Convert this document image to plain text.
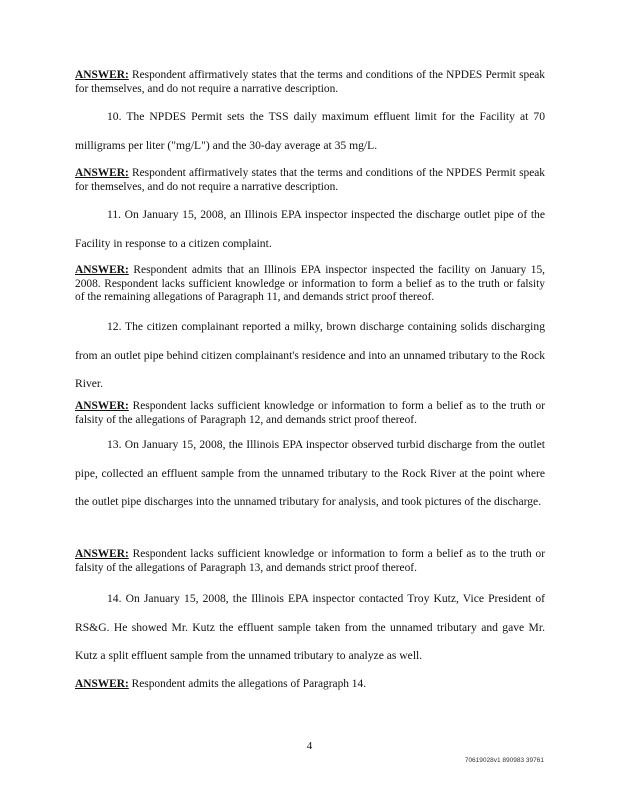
ANSWER: Respondent affirmatively states that the terms and conditions of the NPDES Permit speak for themselves, and do not require a narrative description.

10. The NPDES Permit sets the TSS daily maximum effluent limit for the Facility at 70 milligrams per liter ("mg/L") and the 30-day average at 35 mg/L.

ANSWER: Respondent affirmatively states that the terms and conditions of the NPDES Permit speak for themselves, and do not require a narrative description.

11. On January 15, 2008, an Illinois EPA inspector inspected the discharge outlet pipe of the Facility in response to a citizen complaint.

ANSWER: Respondent admits that an Illinois EPA inspector inspected the facility on January 15, 2008. Respondent lacks sufficient knowledge or information to form a belief as to the truth or falsity of the remaining allegations of Paragraph 11, and demands strict proof thereof.

12. The citizen complainant reported a milky, brown discharge containing solids discharging from an outlet pipe behind citizen complainant's residence and into an unnamed tributary to the Rock River.

ANSWER: Respondent lacks sufficient knowledge or information to form a belief as to the truth or falsity of the allegations of Paragraph 12, and demands strict proof thereof.

13. On January 15, 2008, the Illinois EPA inspector observed turbid discharge from the outlet pipe, collected an effluent sample from the unnamed tributary to the Rock River at the point where the outlet pipe discharges into the unnamed tributary for analysis, and took pictures of the discharge.

ANSWER: Respondent lacks sufficient knowledge or information to form a belief as to the truth or falsity of the allegations of Paragraph 13, and demands strict proof thereof.

14. On January 15, 2008, the Illinois EPA inspector contacted Troy Kutz, Vice President of RS&G. He showed Mr. Kutz the effluent sample taken from the unnamed tributary and gave Mr. Kutz a split effluent sample from the unnamed tributary to analyze as well.

ANSWER: Respondent admits the allegations of Paragraph 14.

4
70619028v1 890983 39761
